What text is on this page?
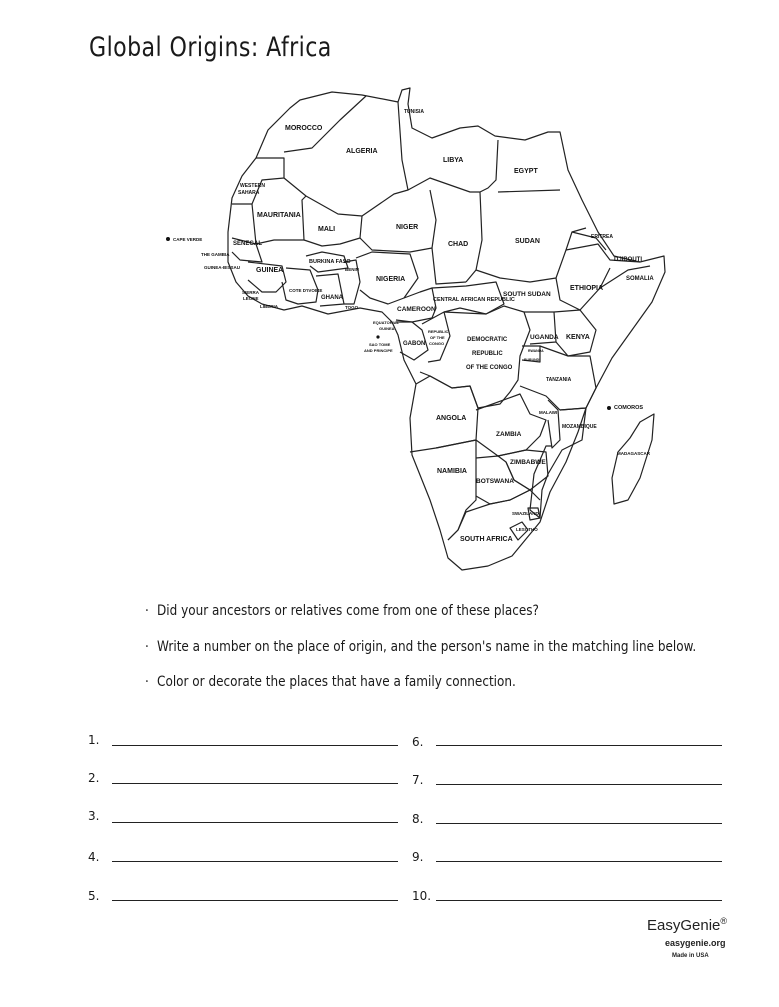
Global Origins: Africa
TUNISIA
MOROCCO
ALGERIA
LIBYA
EGYPT
WESTERN
SAHARA
MAURITANIA
MALI	NIGER
CHAD	SUDAN
ERITREA
DJIBOUTI
SOMALIA
ETHIOPIA
CAPE VERDE
SENEGAL
THE GAMBIA
GUINEA-BISSAU GUINEA
SIERRA
LEONE
LIBERIA
COTE D'IVOIRE
BURKINA FASO
GHANA
TOGO
BENIN
NIGERIA
CAMEROON
CENTRAL AFRICAN REPUBLIC
SOUTH SUDAN
EQUATORIAL
GUINEA
SAO TOME
AND PRINCIPE
GABON
REPUBLIC
OF THE
CONGO
DEMOCRATIC
REPUBLIC
OF THE CONGO
UGANDA KENYA
RWANDA
BURUNDI
TANZANIA
COMOROS
ANGOLA
MALAWI
MOZAMBIQUE
ZAMBIA
MADAGASCAR
ZIMBABWE
NAMIBIA
BOTSWANA
SWAZILAND
LESOTHO
SOUTH AFRICA
· Did your ancestors or relatives come from one of these places?
· Write a number on the place of origin, and the person's name in the matching line below.
· Color or decorate the places that have a family connection.
1.
2.
3.
4.
5.
6.
7.
8.
9.
10.
EasyGenie®
easygenie.org
Made in USA
